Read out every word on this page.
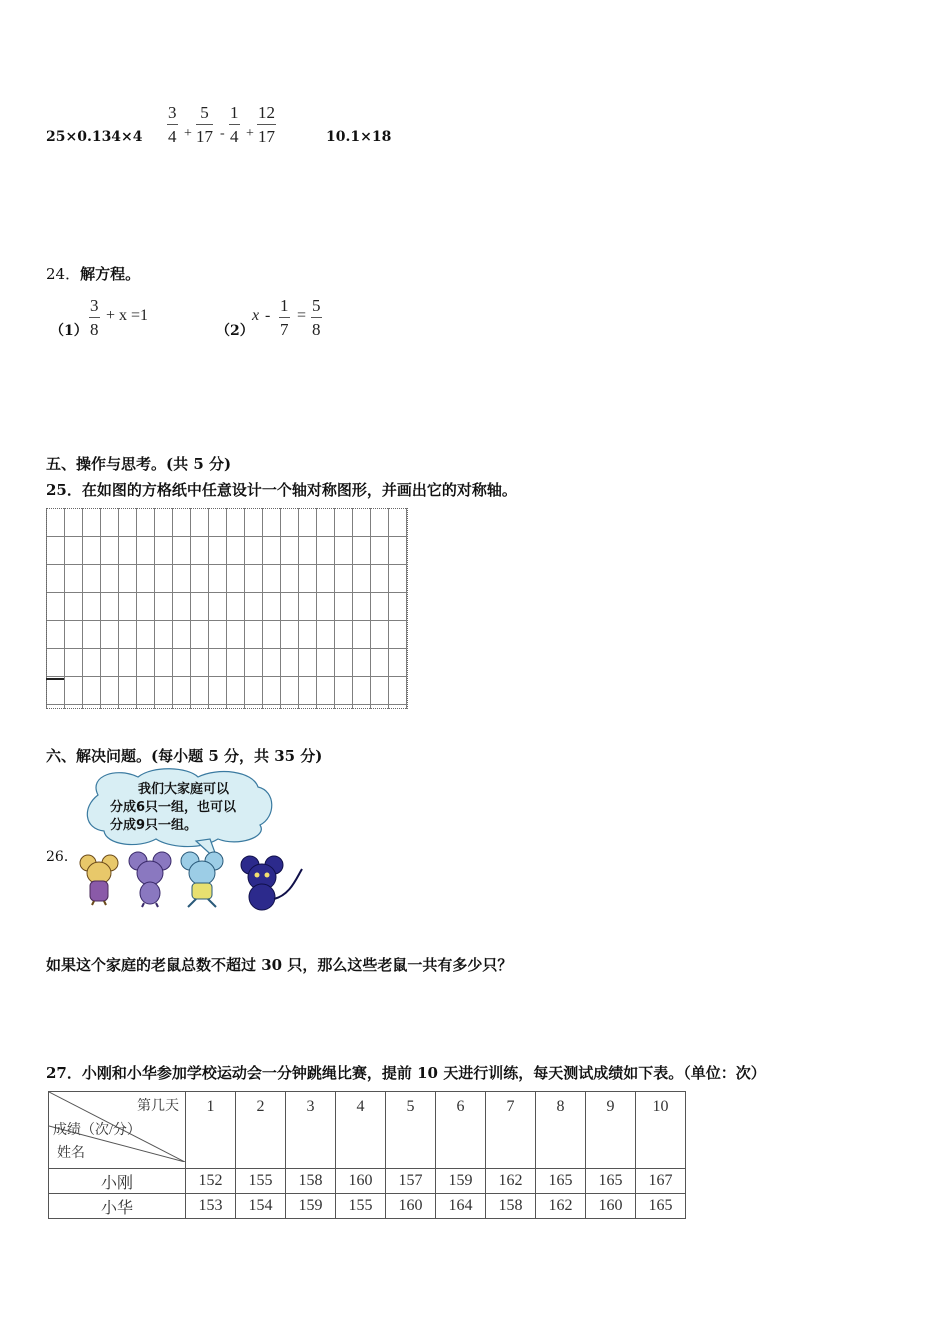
$25\times 0.134\times 4 \frac{3}{4} + \frac{5}{17} - \frac{1}{4} + \frac{12}{17}$	10.1×18
24．解方程。
$(1) \frac{3}{8} + x =1$
（2）
$x - \frac{1}{7} = \frac{5}{8}$
五、操作与思考。(共 5 分)
25．在如图的方格纸中任意设计一个轴对称图形，并画出它的对称轴。
六、解决问题。(每小题 5 分，共 35 分)
26．
我们大家庭可以
分成6只一组，也可以
分成9只一组。
如果这个家庭的老鼠总数不超过 30 只，那么这些老鼠一共有多少只？
27．小刚和小华参加学校运动会一分钟跳绳比赛，提前 10 天进行训练，每天测试成绩如下表。（单位：次）
第几天
成绩（次/分）
姓名	1	2	3	4	5	6	7	8	9	10
小刚	152	155	158	160	157	159	162	165	165	167
小华	153	154	159	155	160	164	158	162	160	165
